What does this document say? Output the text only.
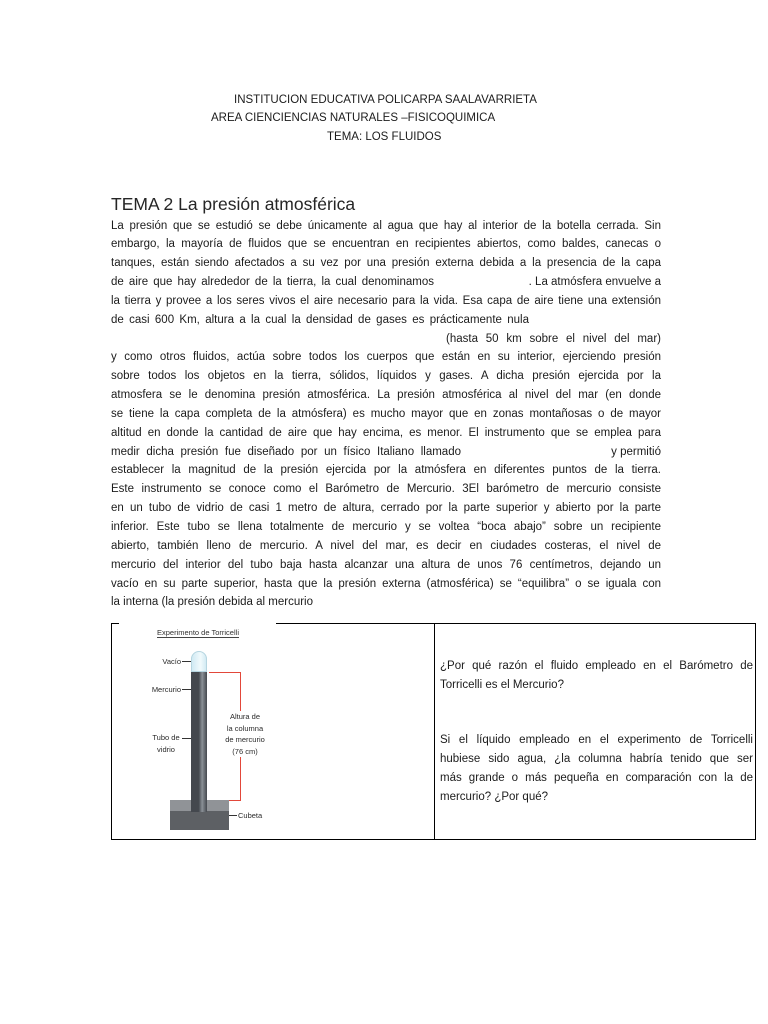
INSTITUCION EDUCATIVA POLICARPA SAALAVARRIETA
AREA CIENCIENCIAS NATURALES –FISICOQUIMICA
TEMA: LOS FLUIDOS
TEMA 2 La presión atmosférica
La presión que se estudió se debe únicamente al agua que hay al interior de la botella cerrada. Sin
embargo, la mayoría de fluidos que se encuentran en recipientes abiertos, como baldes, canecas o
tanques, están siendo afectados a su vez por una presión externa debida a la presencia de la capa
de aire que hay alrededor de la tierra, la cual denominamos	. La atmósfera envuelve a
la tierra y provee a los seres vivos el aire necesario para la vida. Esa capa de aire tiene una extensión
de casi 600 Km, altura a la cual la densidad de gases es prácticamente nula
(hasta 50 km sobre el nivel del mar)
y como otros fluidos, actúa sobre todos los cuerpos que están en su interior, ejerciendo presión
sobre todos los objetos en la tierra, sólidos, líquidos y gases. A dicha presión ejercida por la
atmosfera se le denomina presión atmosférica. La presión atmosférica al nivel del mar (en donde
se tiene la capa completa de la atmósfera) es mucho mayor que en zonas montañosas o de mayor
altitud en donde la cantidad de aire que hay encima, es menor. El instrumento que se emplea para
medir dicha presión fue diseñado por un físico Italiano llamado	y permitió
establecer la magnitud de la presión ejercida por la atmósfera en diferentes puntos de la tierra.
Este instrumento se conoce como el Barómetro de Mercurio. 3El barómetro de mercurio consiste
en un tubo de vidrio de casi 1 metro de altura, cerrado por la parte superior y abierto por la parte
inferior. Este tubo se llena totalmente de mercurio y se voltea “boca abajo” sobre un recipiente
abierto, también lleno de mercurio. A nivel del mar, es decir en ciudades costeras, el nivel de
mercurio del interior del tubo baja hasta alcanzar una altura de unos 76 centímetros, dejando un
vacío en su parte superior, hasta que la presión externa (atmosférica) se “equilibra” o se iguala con
la interna (la presión debida al mercurio
Experimento de Torricelli
Vacío
Mercurio
Tubo de
vidrio
Altura de
la columna
de mercurio
(76 cm)
Cubeta
¿Por qué razón el fluido empleado en el Barómetro de
Torricelli es el Mercurio?
Si el líquido empleado en el experimento de Torricelli
hubiese sido agua, ¿la columna habría tenido que ser
más grande o más pequeña en comparación con la de
mercurio? ¿Por qué?
